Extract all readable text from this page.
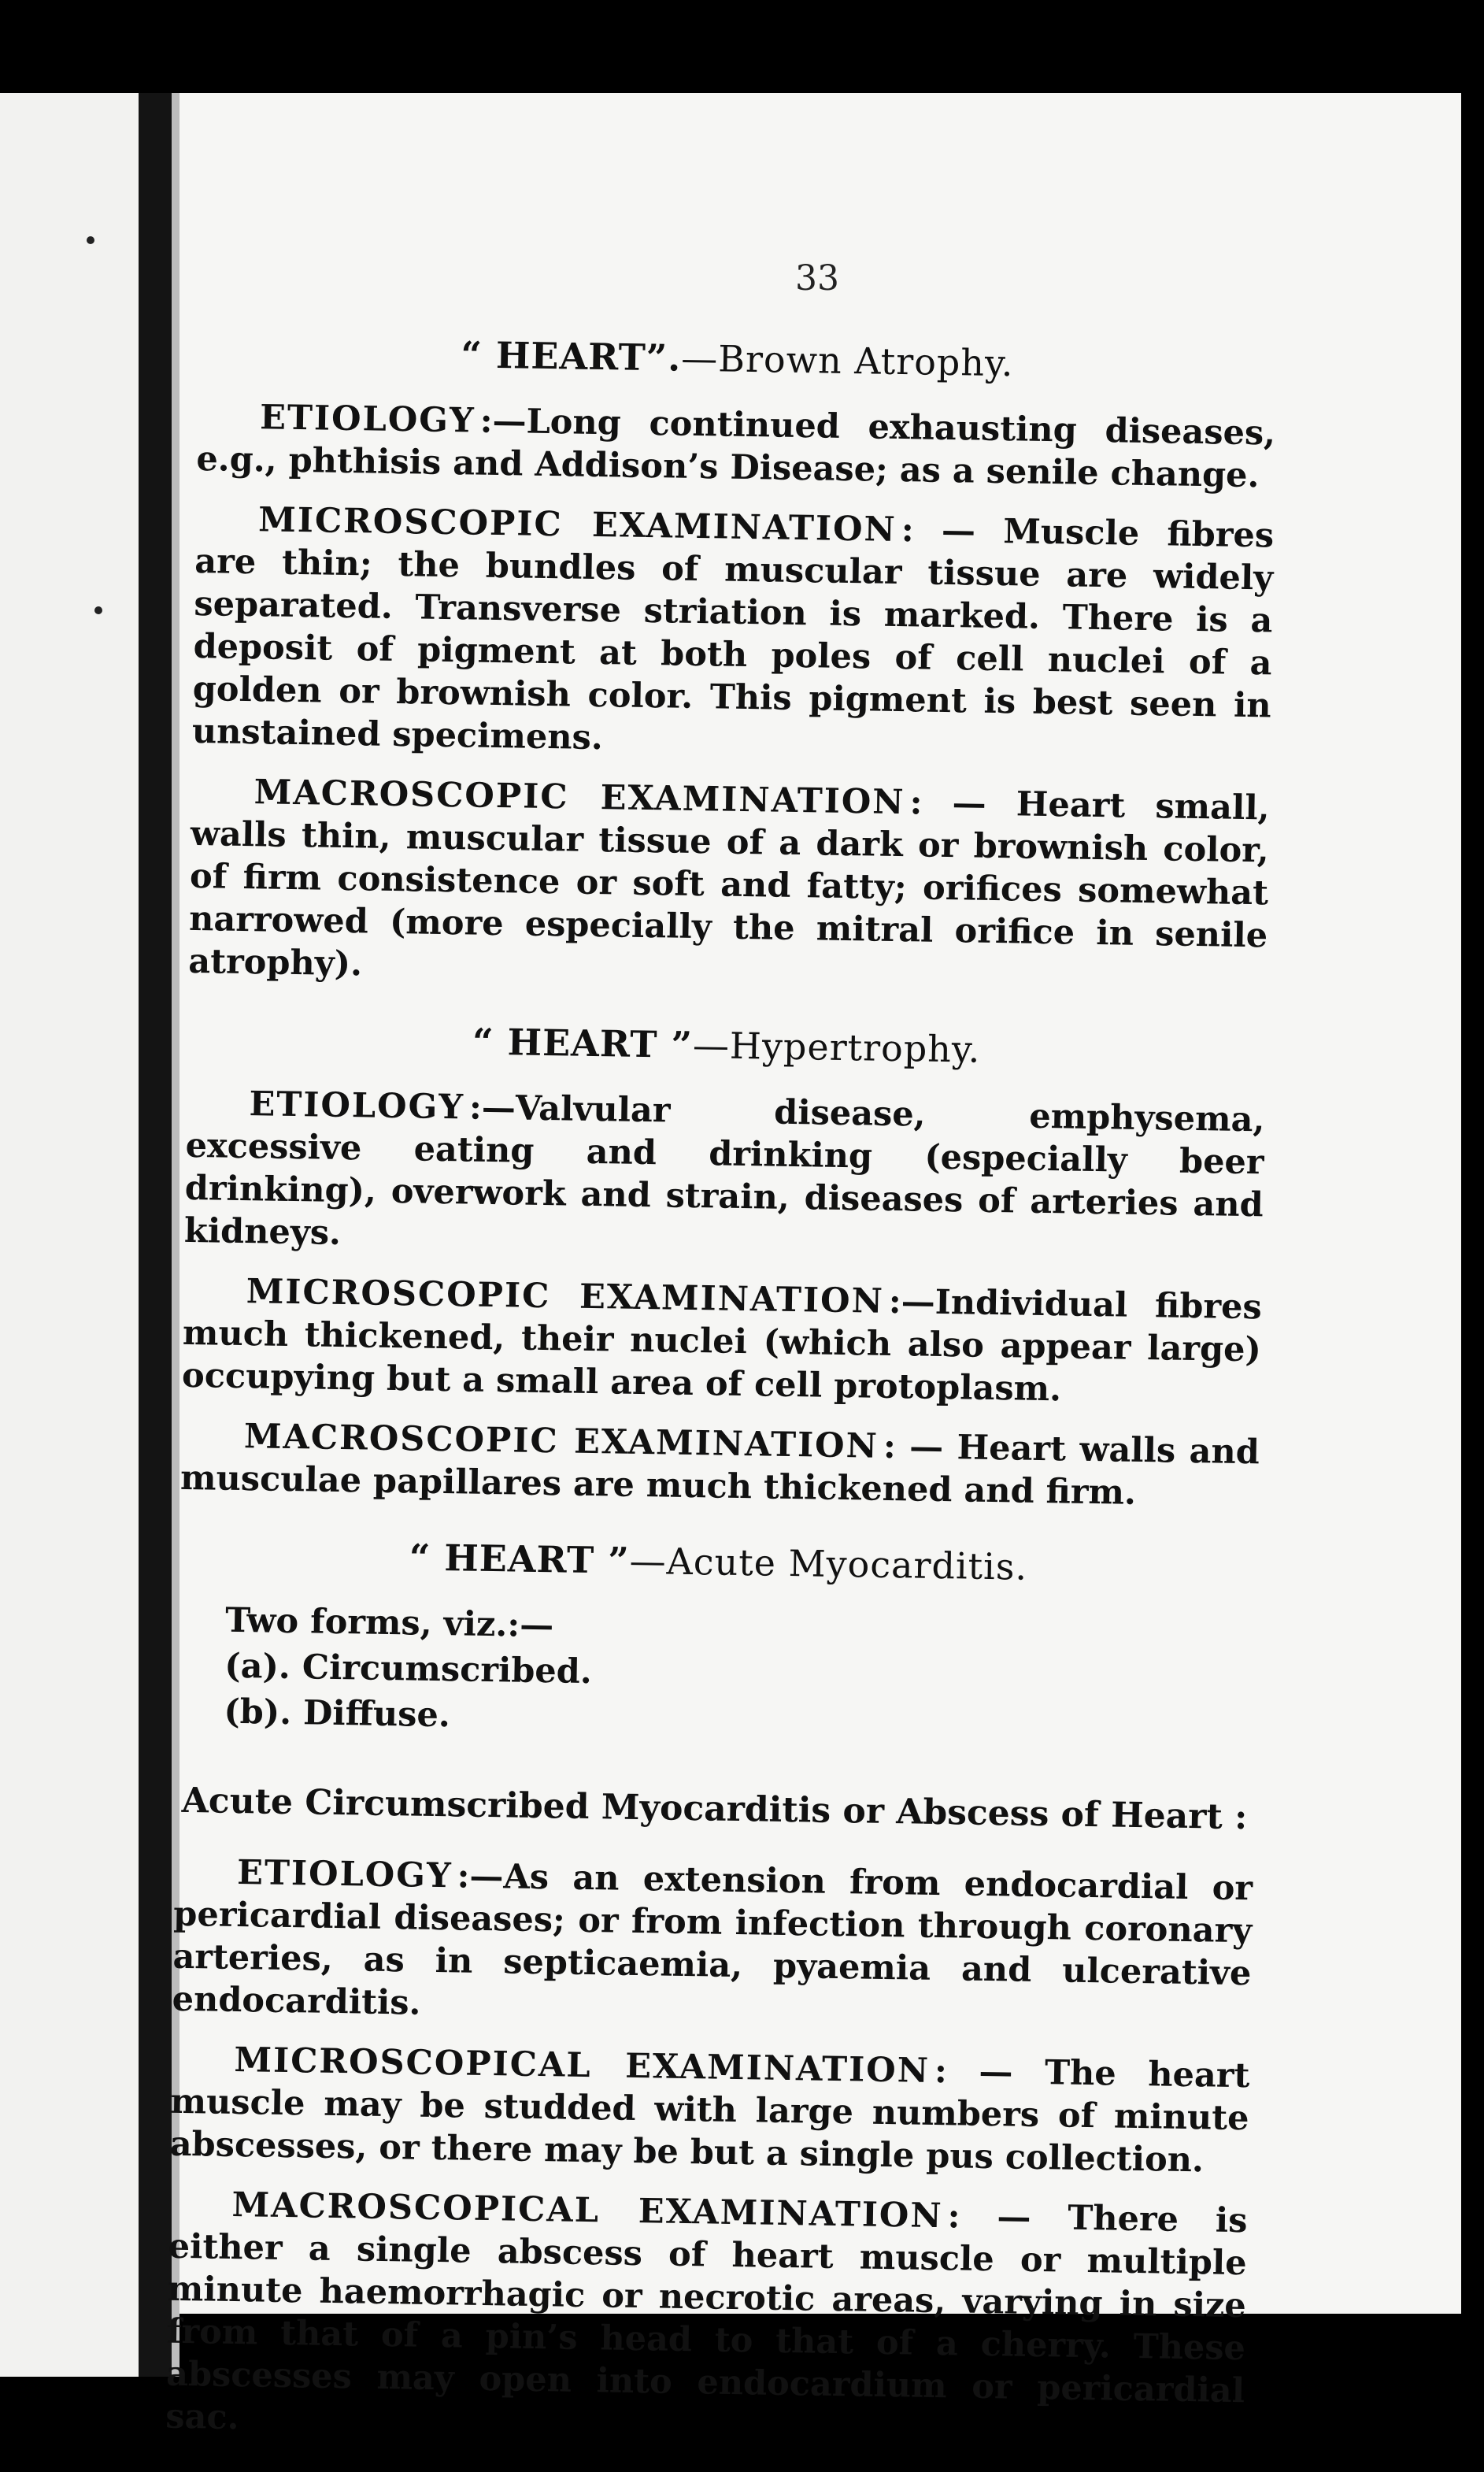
33
“ HEART”.—Brown Atrophy.

ETIOLOGY :—Long continued exhausting diseases, e.g., phthisis and Addison’s Disease; as a senile change.

MICROSCOPIC EXAMINATION : — Muscle fibres are thin; the bundles of muscular tissue are widely separated. Transverse striation is marked. There is a deposit of pigment at both poles of cell nuclei of a golden or brownish color. This pigment is best seen in unstained specimens.

MACROSCOPIC EXAMINATION : — Heart small, walls thin, muscular tissue of a dark or brownish color, of firm consistence or soft and fatty; orifices somewhat narrowed (more especially the mitral orifice in senile atrophy).

“ HEART ”—Hypertrophy.

ETIOLOGY :—Valvular disease, emphysema, excessive eating and drinking (especially beer drinking), overwork and strain, diseases of arteries and kidneys.

MICROSCOPIC EXAMINATION :—Individual fibres much thickened, their nuclei (which also appear large) occupying but a small area of cell protoplasm.

MACROSCOPIC EXAMINATION : — Heart walls and musculae papillares are much thickened and firm.

“ HEART ”—Acute Myocarditis.
Two forms, viz.:—
(a). Circumscribed.
(b). Diffuse.
Acute Circumscribed Myocarditis or Abscess of Heart :

ETIOLOGY :—As an extension from endocardial or pericardial diseases; or from infection through coronary arteries, as in septicaemia, pyaemia and ulcerative endocarditis.

MICROSCOPICAL EXAMINATION : — The heart muscle may be studded with large numbers of minute abscesses, or there may be but a single pus collection.

MACROSCOPICAL EXAMINATION : — There is either a single abscess of heart muscle or multiple minute haemorrhagic or necrotic areas, varying in size from that of a pin’s head to that of a cherry. These abscesses may open into endocardium or pericardial sac.
